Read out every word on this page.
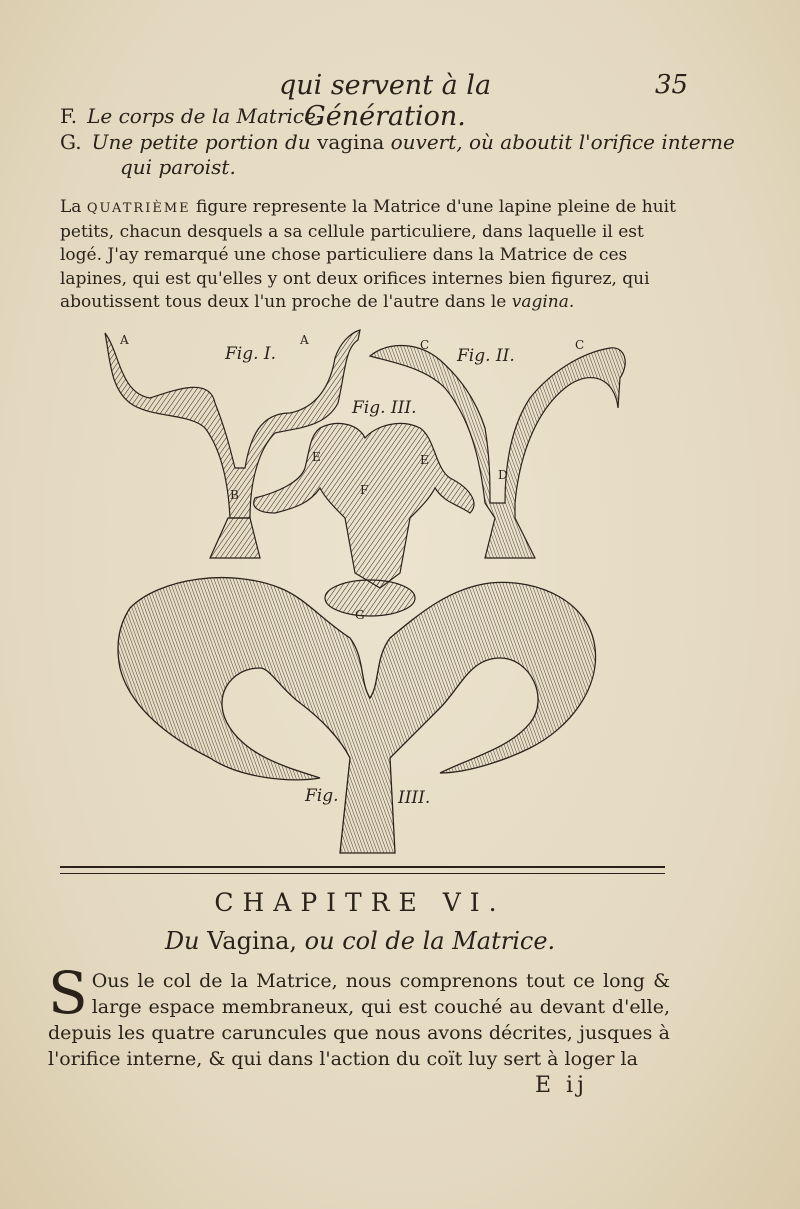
qui servent à la Génération.
35
F. Le corps de la Matrice.
G. Une petite portion du vagina ouvert, où aboutit l'orifice interne
qui paroist.
La QUATRIÈME figure represente la Matrice d'une lapine pleine de huit petits, chacun desquels a sa cellule particuliere, dans laquelle il est logé. J'ay remarqué une chose particuliere dans la Matrice de ces lapines, qui est qu'elles y ont deux orifices internes bien figurez, qui aboutissent tous deux l'un proche de l'autre dans le vagina.
Fig. I.	Fig. II.
Fig. III.
Fig.	IIII.
A	A
B
C	C
D
E	E
F
G
CHAPITRE VI.
Du Vagina, ou col de la Matrice.
S Ous le col de la Matrice, nous comprenons tout ce long & large espace membraneux, qui est couché au devant d'elle, depuis les quatre caruncules que nous avons décrites, jusques à l'orifice interne, & qui dans l'action du coït luy sert à loger la
E ij
